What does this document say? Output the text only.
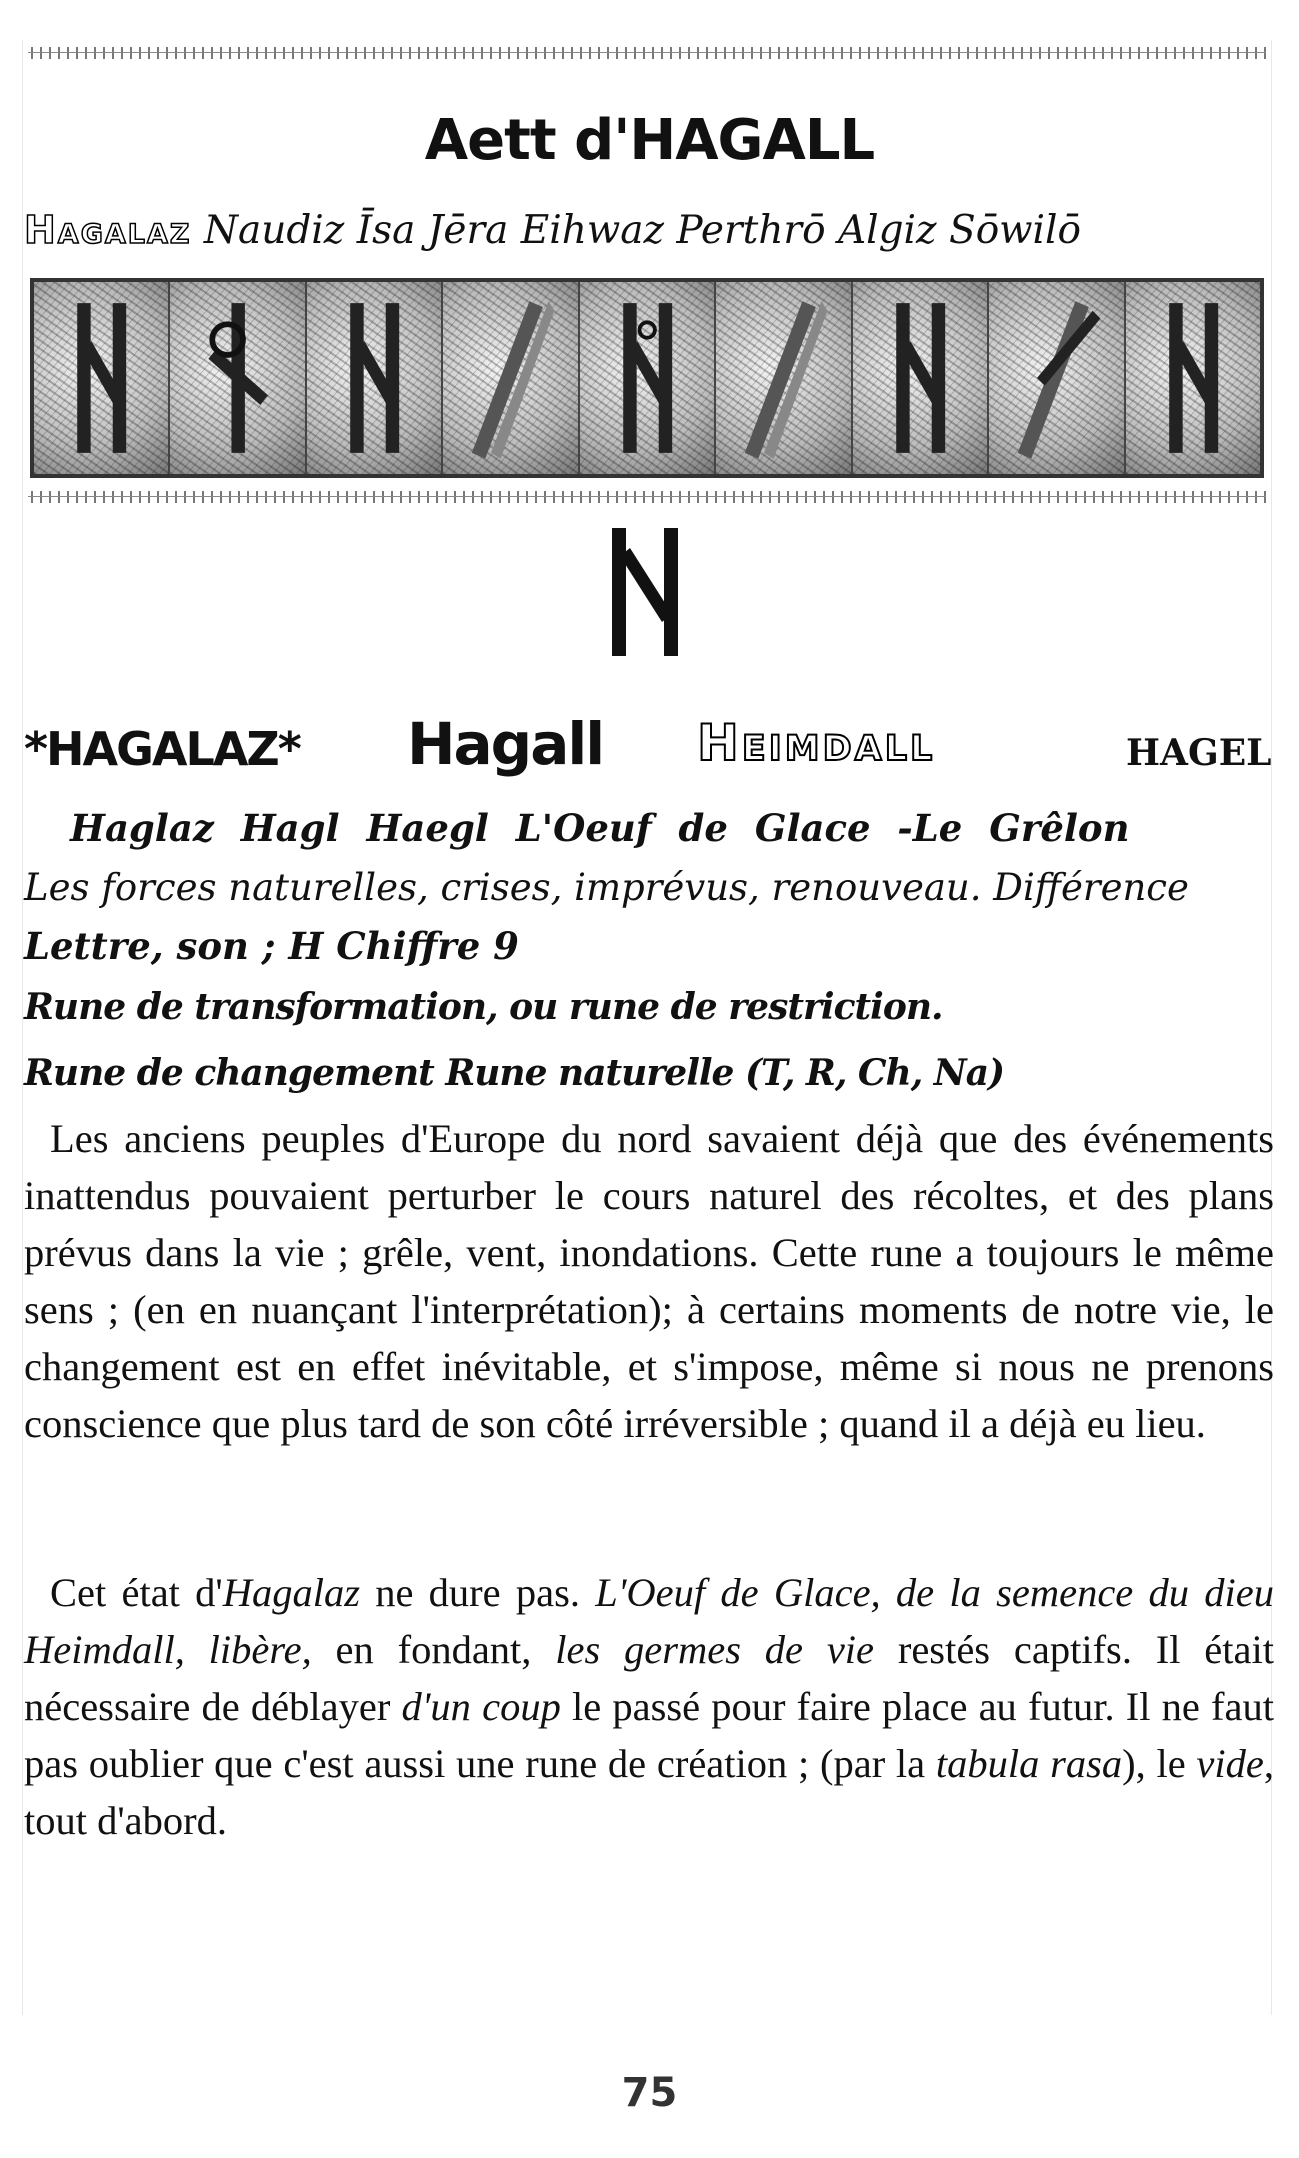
Aett d'HAGALL
Hagalaz Naudiz Īsa Jēra Eihwaz Perthrō Algiz Sōwilō
*HAGALAZ* Hagall Heimdall	HAGEL
Haglaz Hagl Haegl L'Oeuf de Glace -Le Grêlon
Les forces naturelles, crises, imprévus, renouveau. Différence
Lettre, son ; H Chiffre 9
Rune de transformation, ou rune de restriction.
Rune de changement Rune naturelle (T, R, Ch, Na)

Les anciens peuples d'Europe du nord savaient déjà que des événements inattendus pouvaient perturber le cours naturel des récoltes, et des plans prévus dans la vie ; grêle, vent, inondations. Cette rune a toujours le même sens ; (en en nuançant l'interprétation); à certains moments de notre vie, le changement est en effet inévitable, et s'impose, même si nous ne prenons conscience que plus tard de son côté irréversible ; quand il a déjà eu lieu.

Cet état d'Hagalaz ne dure pas. L'Oeuf de Glace, de la semence du dieu Heimdall, libère, en fondant, les germes de vie restés captifs. Il était nécessaire de déblayer d'un coup le passé pour faire place au futur. Il ne faut pas oublier que c'est aussi une rune de création ; (par la tabula rasa), le vide, tout d'abord.

75
